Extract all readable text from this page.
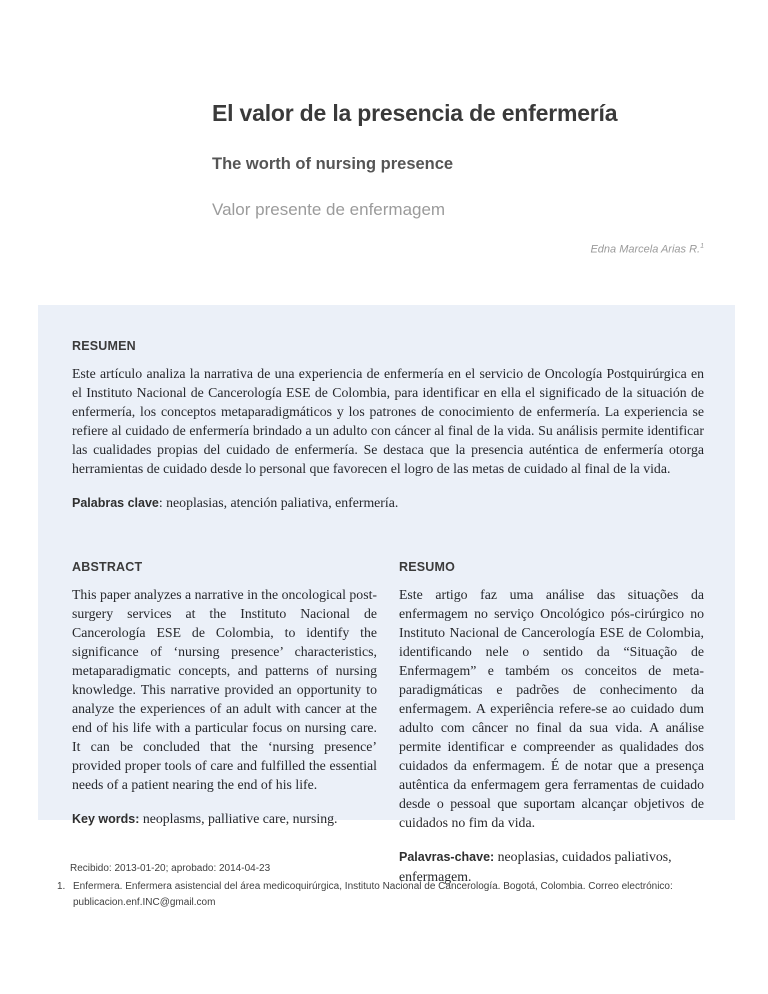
El valor de la presencia de enfermería
The worth of nursing presence
Valor presente de enfermagem
Edna Marcela Arias R.$^1$
RESUMEN

Este artículo analiza la narrativa de una experiencia de enfermería en el servicio de Oncología Postquirúrgica en el Instituto Nacional de Cancerología ESE de Colombia, para identificar en ella el significado de la situación de enfermería, los conceptos metaparadigmáticos y los patrones de conocimiento de enfermería. La experiencia se refiere al cuidado de enfermería brindado a un adulto con cáncer al final de la vida. Su análisis permite identificar las cualidades propias del cuidado de enfermería. Se destaca que la presencia auténtica de enfermería otorga herramientas de cuidado desde lo personal que favorecen el logro de las metas de cuidado al final de la vida.

Palabras clave: neoplasias, atención paliativa, enfermería.

ABSTRACT

This paper analyzes a narrative in the oncological post-surgery services at the Instituto Nacional de Cancerología ESE de Colombia, to identify the significance of ‘nursing presence’ characteristics, metaparadigmatic concepts, and patterns of nursing knowledge. This narrative provided an opportunity to analyze the experiences of an adult with cancer at the end of his life with a particular focus on nursing care. It can be concluded that the ‘nursing presence’ provided proper tools of care and fulfilled the essential needs of a patient nearing the end of his life.

Key words: neoplasms, palliative care, nursing.

RESUMO

Este artigo faz uma análise das situações da enfermagem no serviço Oncológico pós-cirúrgico no Instituto Nacional de Cancerología ESE de Colombia, identificando nele o sentido da “Situação de Enfermagem” e também os conceitos de meta-paradigmáticas e padrões de conhecimento da enfermagem. A experiência refere-se ao cuidado dum adulto com câncer no final da sua vida. A análise permite identificar e compreender as qualidades dos cuidados da enfermagem. É de notar que a presença autêntica da enfermagem gera ferramentas de cuidado desde o pessoal que suportam alcançar objetivos de cuidados no fim da vida.

Palavras-chave: neoplasias, cuidados paliativos, enfermagem.

Recibido: 2013-01-20; aprobado: 2014-04-23

1. Enfermera. Enfermera asistencial del área medicoquirúrgica, Instituto Nacional de Cancerología. Bogotá, Colombia. Correo electrónico:
publicacion.enf.INC@gmail.com
